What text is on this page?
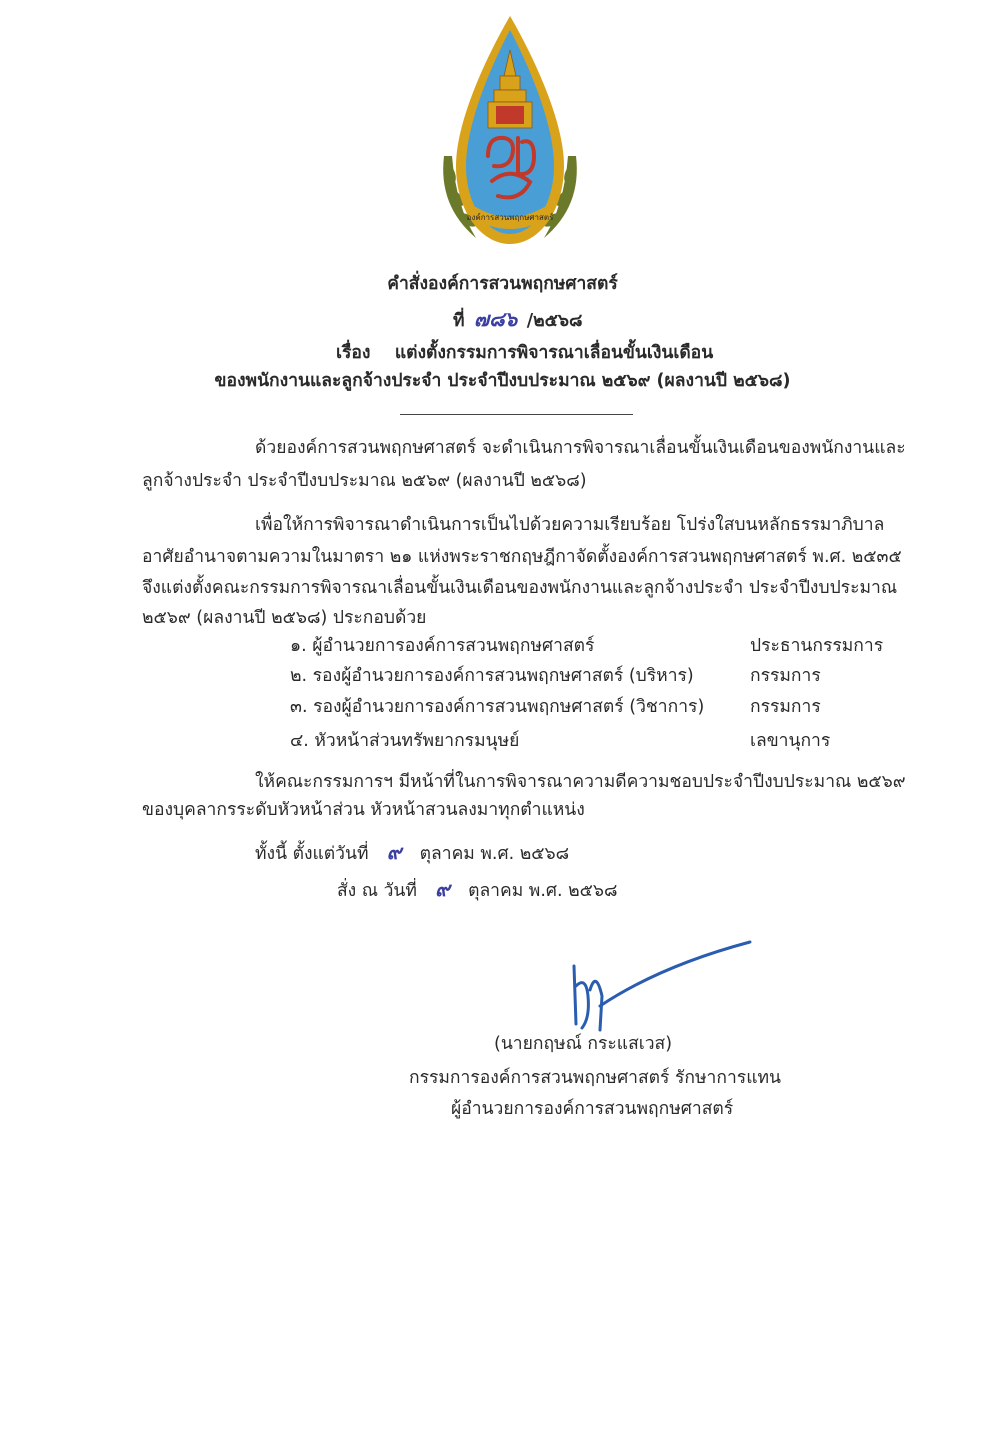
องค์การสวนพฤกษศาสตร์
คำสั่งองค์การสวนพฤกษศาสตร์
ที่ ๗๘๖ /๒๕๖๘
เรื่อง แต่งตั้งกรรมการพิจารณาเลื่อนขั้นเงินเดือน
ของพนักงานและลูกจ้างประจำ ประจำปีงบประมาณ ๒๕๖๙ (ผลงานปี ๒๕๖๘)
ด้วยองค์การสวนพฤกษศาสตร์ จะดำเนินการพิจารณาเลื่อนขั้นเงินเดือนของพนักงานและ
ลูกจ้างประจำ ประจำปีงบประมาณ ๒๕๖๙ (ผลงานปี ๒๕๖๘)
เพื่อให้การพิจารณาดำเนินการเป็นไปด้วยความเรียบร้อย โปร่งใสบนหลักธรรมาภิบาล
อาศัยอำนาจตามความในมาตรา ๒๑ แห่งพระราชกฤษฎีกาจัดตั้งองค์การสวนพฤกษศาสตร์ พ.ศ. ๒๕๓๕
จึงแต่งตั้งคณะกรรมการพิจารณาเลื่อนขั้นเงินเดือนของพนักงานและลูกจ้างประจำ ประจำปีงบประมาณ
๒๕๖๙ (ผลงานปี ๒๕๖๘) ประกอบด้วย
๑. ผู้อำนวยการองค์การสวนพฤกษศาสตร์	ประธานกรรมการ
๒. รองผู้อำนวยการองค์การสวนพฤกษศาสตร์ (บริหาร)	กรรมการ
๓. รองผู้อำนวยการองค์การสวนพฤกษศาสตร์ (วิชาการ)	กรรมการ
๔. หัวหน้าส่วนทรัพยากรมนุษย์	เลขานุการ
ให้คณะกรรมการฯ มีหน้าที่ในการพิจารณาความดีความชอบประจำปีงบประมาณ ๒๕๖๙
ของบุคลากรระดับหัวหน้าส่วน หัวหน้าสวนลงมาทุกตำแหน่ง
ทั้งนี้ ตั้งแต่วันที่ ๙ ตุลาคม พ.ศ. ๒๕๖๘
สั่ง ณ วันที่ ๙ ตุลาคม พ.ศ. ๒๕๖๘
(นายกฤษณ์ กระแสเวส)
กรรมการองค์การสวนพฤกษศาสตร์ รักษาการแทน
ผู้อำนวยการองค์การสวนพฤกษศาสตร์
